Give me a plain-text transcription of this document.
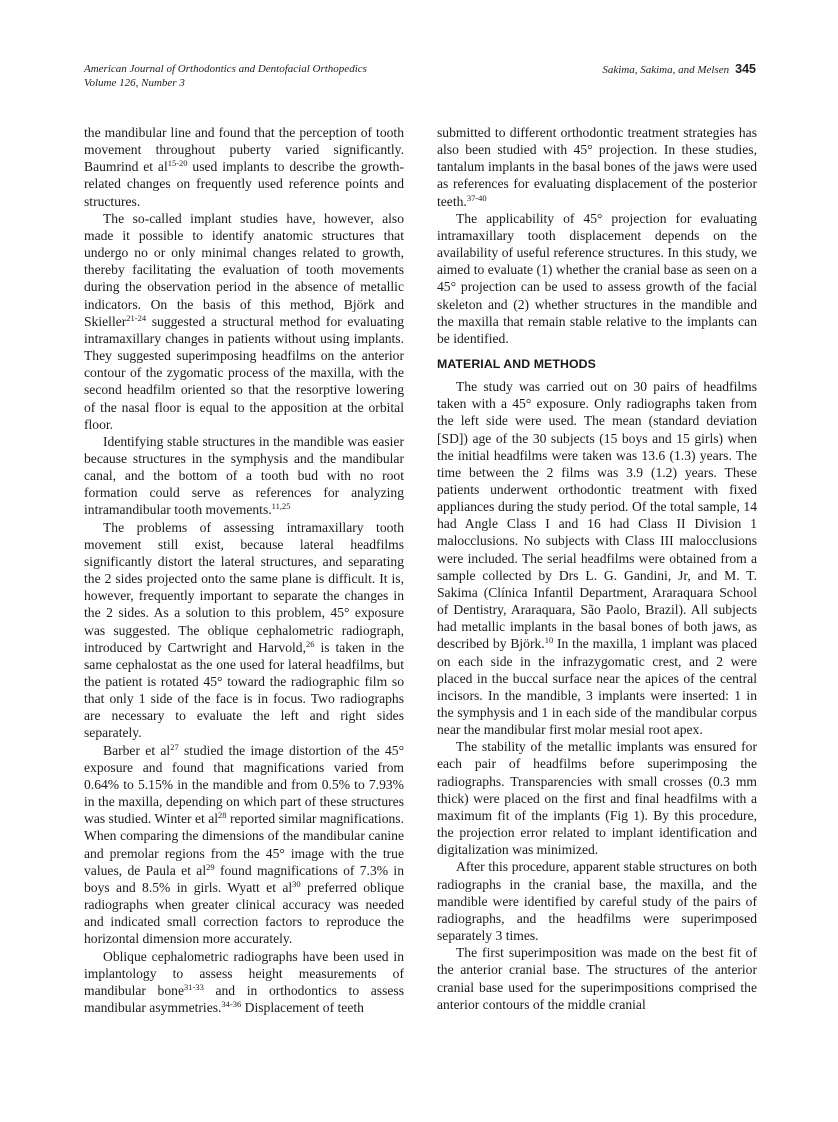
American Journal of Orthodontics and Dentofacial Orthopedics
Volume 126, Number 3
Sakima, Sakima, and Melsen 345

the mandibular line and found that the perception of tooth movement throughout puberty varied significantly. Baumrind et $al^{15-20}$ used implants to describe the growth-related changes on frequently used reference points and structures.

The so-called implant studies have, however, also made it possible to identify anatomic structures that undergo no or only minimal changes related to growth, thereby facilitating the evaluation of tooth movements during the observation period in the absence of metallic indicators. On the basis of this method, Björk and Skieller$^{21-24}$ suggested a structural method for evaluating intramaxillary changes in patients without using implants. They suggested superimposing headfilms on the anterior contour of the zygomatic process of the maxilla, with the second headfilm oriented so that the resorptive lowering of the nasal floor is equal to the apposition at the orbital floor.

Identifying stable structures in the mandible was easier because structures in the symphysis and the mandibular canal, and the bottom of a tooth bud with no root formation could serve as references for analyzing intramandibular tooth movements.$^{11,25}$

The problems of assessing intramaxillary tooth movement still exist, because lateral headfilms significantly distort the lateral structures, and separating the 2 sides projected onto the same plane is difficult. It is, however, frequently important to separate the changes in the 2 sides. As a solution to this problem, 45° exposure was suggested. The oblique cephalometric radiograph, introduced by Cartwright and Harvold,$^{26}$ is taken in the same cephalostat as the one used for lateral headfilms, but the patient is rotated 45° toward the radiographic film so that only 1 side of the face is in focus. Two radiographs are necessary to evaluate the left and right sides separately.

Barber et $al^{27}$ studied the image distortion of the 45° exposure and found that magnifications varied from 0.64% to 5.15% in the mandible and from 0.5% to 7.93% in the maxilla, depending on which part of these structures was studied. Winter et $al^{28}$ reported similar magnifications. When comparing the dimensions of the mandibular canine and premolar regions from the 45° image with the true values, de Paula et $al^{29}$ found magnifications of 7.3% in boys and 8.5% in girls. Wyatt et $al^{30}$ preferred oblique radiographs when greater clinical accuracy was needed and indicated small correction factors to reproduce the horizontal dimension more accurately.

Oblique cephalometric radiographs have been used in implantology to assess height measurements of mandibular bone$^{31-33}$ and in orthodontics to assess mandibular asymmetries.$^{34-36}$ Displacement of teeth

submitted to different orthodontic treatment strategies has also been studied with 45° projection. In these studies, tantalum implants in the basal bones of the jaws were used as references for evaluating displacement of the posterior teeth.$^{37-40}$

The applicability of 45° projection for evaluating intramaxillary tooth displacement depends on the availability of useful reference structures. In this study, we aimed to evaluate (1) whether the cranial base as seen on a 45° projection can be used to assess growth of the facial skeleton and (2) whether structures in the mandible and the maxilla that remain stable relative to the implants can be identified.

MATERIAL AND METHODS

The study was carried out on 30 pairs of headfilms taken with a 45° exposure. Only radiographs taken from the left side were used. The mean (standard deviation [SD]) age of the 30 subjects (15 boys and 15 girls) when the initial headfilms were taken was 13.6 (1.3) years. The time between the 2 films was 3.9 (1.2) years. These patients underwent orthodontic treatment with fixed appliances during the study period. Of the total sample, 14 had Angle Class I and 16 had Class II Division 1 malocclusions. No subjects with Class III malocclusions were included. The serial headfilms were obtained from a sample collected by Drs L. G. Gandini, Jr, and M. T. Sakima (Clínica Infantil Department, Araraquara School of Dentistry, Araraquara, São Paolo, Brazil). All subjects had metallic implants in the basal bones of both jaws, as described by Björk.$^{10}$ In the maxilla, 1 implant was placed on each side in the infrazygomatic crest, and 2 were placed in the buccal surface near the apices of the central incisors. In the mandible, 3 implants were inserted: 1 in the symphysis and 1 in each side of the mandibular corpus near the mandibular first molar mesial root apex.

The stability of the metallic implants was ensured for each pair of headfilms before superimposing the radiographs. Transparencies with small crosses (0.3 mm thick) were placed on the first and final headfilms with a maximum fit of the implants (Fig 1). By this procedure, the projection error related to implant identification and digitalization was minimized.

After this procedure, apparent stable structures on both radiographs in the cranial base, the maxilla, and the mandible were identified by careful study of the pairs of radiographs, and the headfilms were superimposed separately 3 times.

The first superimposition was made on the best fit of the anterior cranial base. The structures of the anterior cranial base used for the superimpositions comprised the anterior contours of the middle cranial
